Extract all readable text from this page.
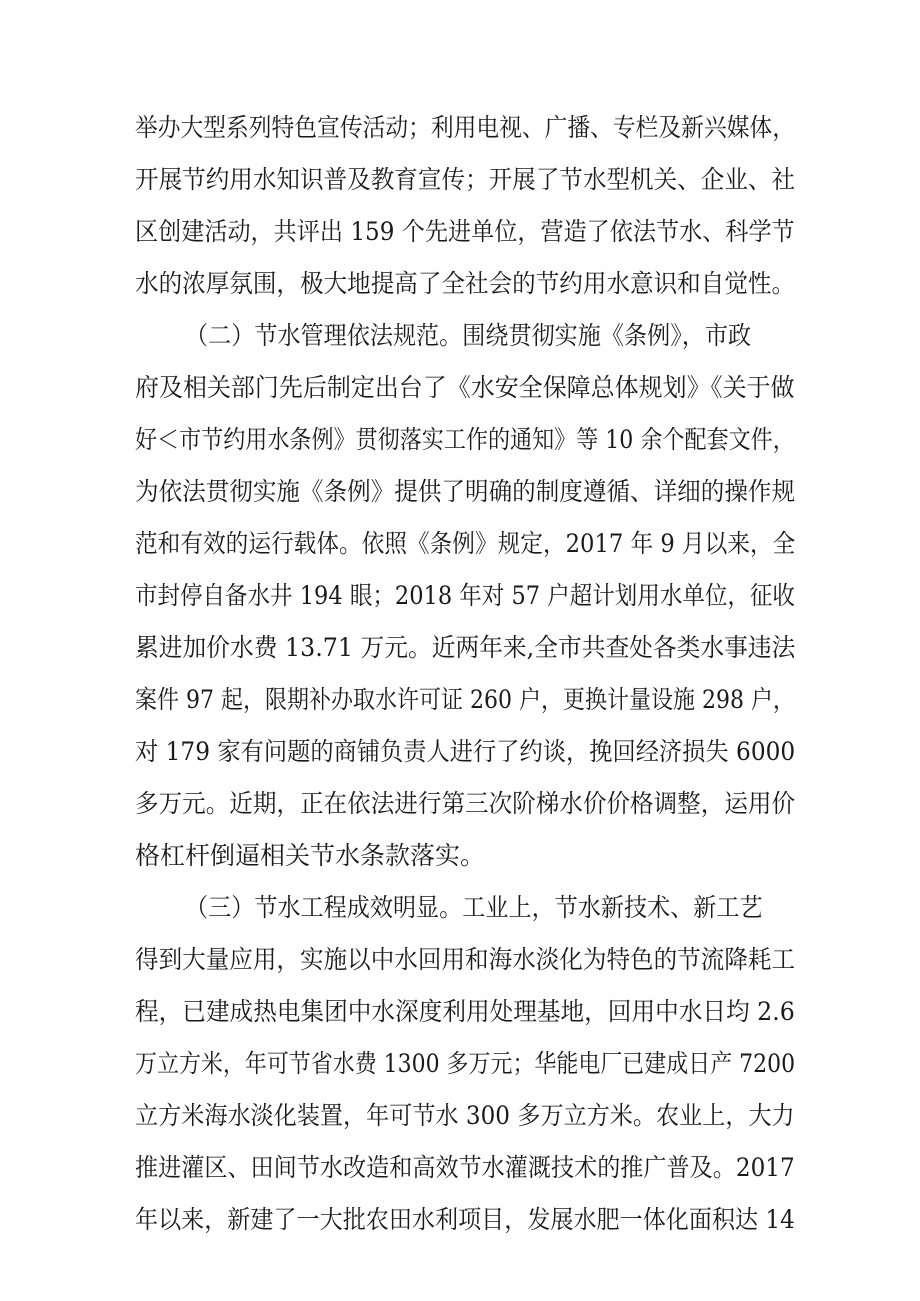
举办大型系列特色宣传活动；利用电视、广播、专栏及新兴媒体，
开展节约用水知识普及教育宣传；开展了节水型机关、企业、社
区创建活动，共评出 159 个先进单位，营造了依法节水、科学节
水的浓厚氛围，极大地提高了全社会的节约用水意识和自觉性。
（二）节水管理依法规范。围绕贯彻实施《条例》，市政
府及相关部门先后制定出台了《水安全保障总体规划》《关于做
好＜市节约用水条例》贯彻落实工作的通知》等 10 余个配套文件，
为依法贯彻实施《条例》提供了明确的制度遵循、详细的操作规
范和有效的运行载体。依照《条例》规定，2017 年 9 月以来，全
市封停自备水井 194 眼；2018 年对 57 户超计划用水单位，征收
累进加价水费 13.71 万元。近两年来,全市共查处各类水事违法
案件 97 起，限期补办取水许可证 260 户，更换计量设施 298 户，
对 179 家有问题的商铺负责人进行了约谈，挽回经济损失 6000
多万元。近期，正在依法进行第三次阶梯水价价格调整，运用价
格杠杆倒逼相关节水条款落实。
（三）节水工程成效明显。工业上，节水新技术、新工艺
得到大量应用，实施以中水回用和海水淡化为特色的节流降耗工
程，已建成热电集团中水深度利用处理基地，回用中水日均 2.6
万立方米，年可节省水费 1300 多万元；华能电厂已建成日产 7200
立方米海水淡化装置，年可节水 300 多万立方米。农业上，大力
推进灌区、田间节水改造和高效节水灌溉技术的推广普及。2017
年以来，新建了一大批农田水利项目，发展水肥一体化面积达 14
